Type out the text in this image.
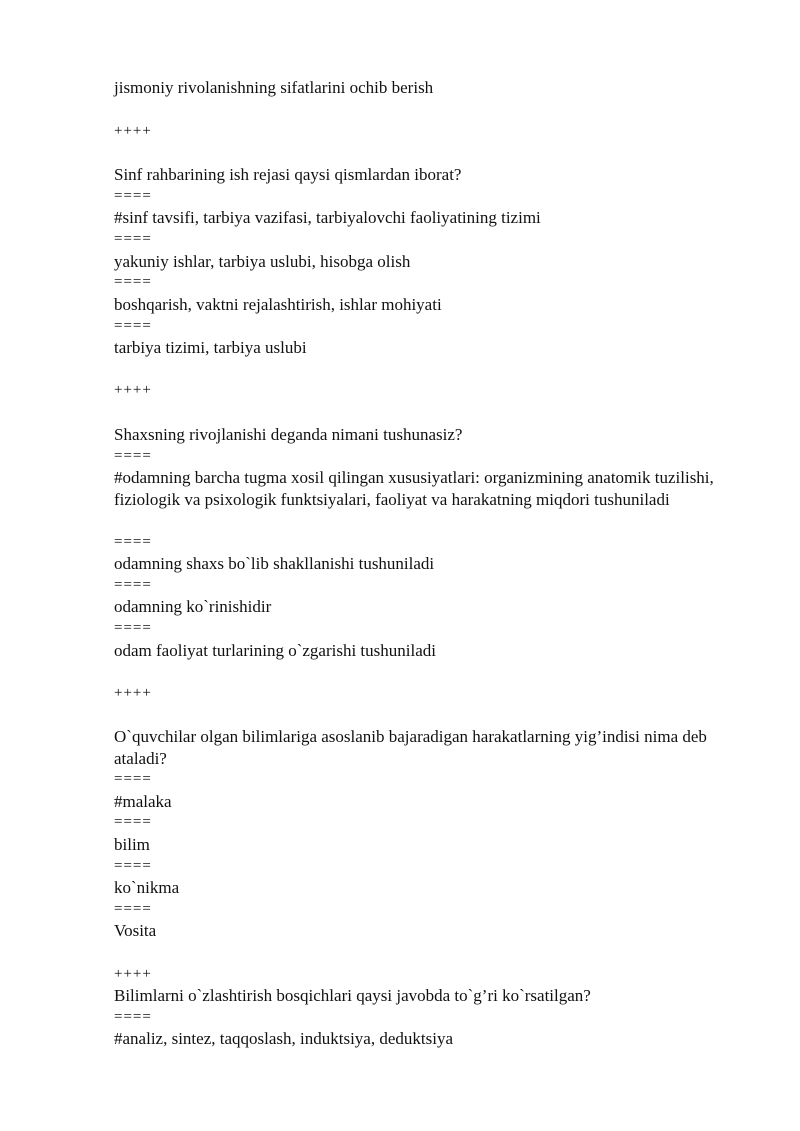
jismoniy rivolanishning sifatlarini ochib berish
++++
Sinf rahbarining ish rejasi qaysi qismlardan iborat?
====
#sinf tavsifi, tarbiya vazifasi, tarbiyalovchi faoliyatining tizimi
====
yakuniy ishlar, tarbiya uslubi, hisobga olish
====
boshqarish, vaktni rejalashtirish, ishlar mohiyati
====
tarbiya tizimi, tarbiya uslubi
++++
Shaxsning rivojlanishi deganda nimani tushunasiz?
====
#odamning barcha tugma xosil qilingan xususiyatlari: organizmining anatomik tuzilishi, fiziologik va psixologik funktsiyalari, faoliyat va harakatning miqdori tushuniladi
====
odamning shaxs bo`lib shakllanishi tushuniladi
====
odamning ko`rinishidir
====
odam faoliyat turlarining o`zgarishi tushuniladi
++++
O`quvchilar olgan bilimlariga asoslanib bajaradigan harakatlarning yig’indisi nima deb ataladi?
====
#malaka
====
bilim
====
ko`nikma
====
Vosita
++++
Bilimlarni o`zlashtirish bosqichlari qaysi javobda to`g’ri ko`rsatilgan?
====
#analiz, sintez, taqqoslash, induktsiya, deduktsiya
